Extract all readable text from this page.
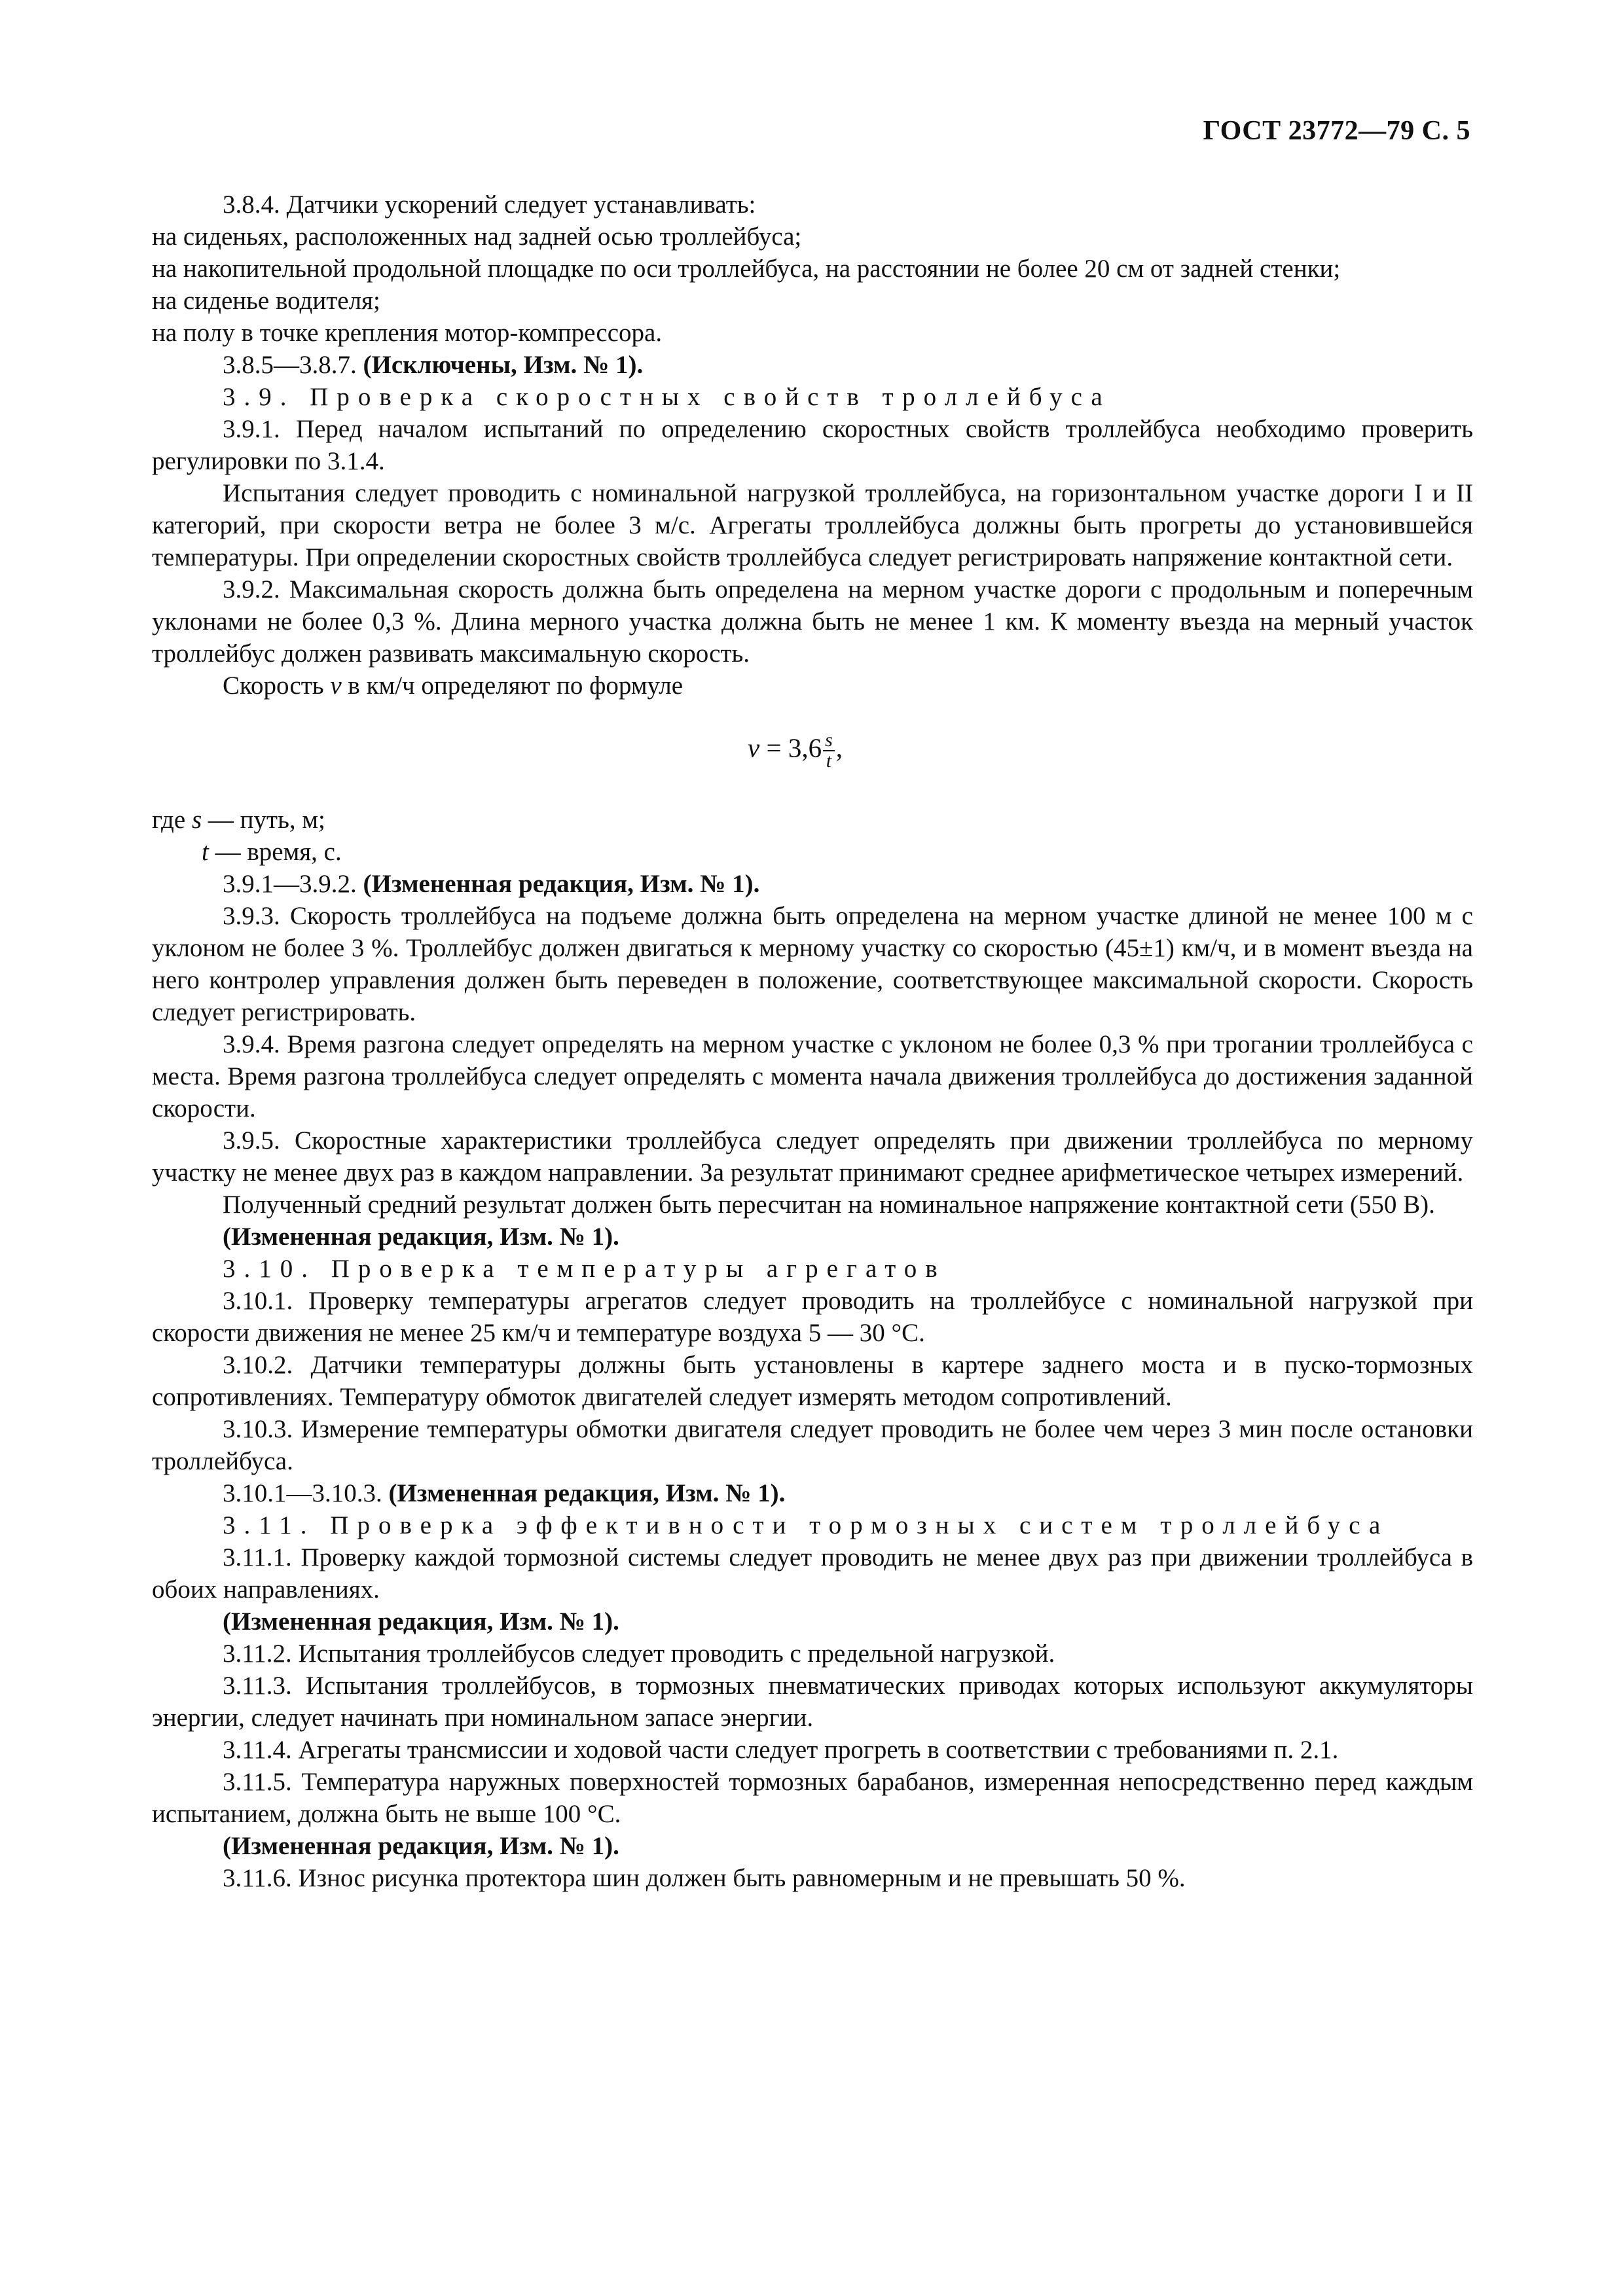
ГОСТ 23772—79 С. 5

3.8.4. Датчики ускорений следует устанавливать:

на сиденьях, расположенных над задней осью троллейбуса;

на накопительной продольной площадке по оси троллейбуса, на расстоянии не более 20 см от задней стенки;

на сиденье водителя;

на полу в точке крепления мотор-компрессора.

3.8.5—3.8.7. (Исключены, Изм. № 1).

3.9. Проверка скоростных свойств троллейбуса

3.9.1. Перед началом испытаний по определению скоростных свойств троллейбуса необходимо проверить регулировки по 3.1.4.

Испытания следует проводить с номинальной нагрузкой троллейбуса, на горизонтальном участке дороги I и II категорий, при скорости ветра не более 3 м/с. Агрегаты троллейбуса должны быть прогреты до установившейся температуры. При определении скоростных свойств троллейбуса следует регистрировать напряжение контактной сети.

3.9.2. Максимальная скорость должна быть определена на мерном участке дороги с продольным и поперечным уклонами не более 0,3 %. Длина мерного участка должна быть не менее 1 км. К моменту въезда на мерный участок троллейбус должен развивать максимальную скорость.

Скорость v в км/ч определяют по формуле

$v = 3,6 \frac{s}{t}$ ,

где s — путь, м;

t — время, с.

3.9.1—3.9.2. (Измененная редакция, Изм. № 1).

3.9.3. Скорость троллейбуса на подъеме должна быть определена на мерном участке длиной не менее 100 м с уклоном не более 3 %. Троллейбус должен двигаться к мерному участку со скоростью (45±1) км/ч, и в момент въезда на него контролер управления должен быть переведен в положение, соответствующее максимальной скорости. Скорость следует регистрировать.

3.9.4. Время разгона следует определять на мерном участке с уклоном не более 0,3 % при трогании троллейбуса с места. Время разгона троллейбуса следует определять с момента начала движения троллейбуса до достижения заданной скорости.

3.9.5. Скоростные характеристики троллейбуса следует определять при движении троллейбуса по мерному участку не менее двух раз в каждом направлении. За результат принимают среднее арифметическое четырех измерений.

Полученный средний результат должен быть пересчитан на номинальное напряжение контактной сети (550 В).

(Измененная редакция, Изм. № 1).

3.10. Проверка температуры агрегатов

3.10.1. Проверку температуры агрегатов следует проводить на троллейбусе с номинальной нагрузкой при скорости движения не менее 25 км/ч и температуре воздуха 5 — 30 °С.

3.10.2. Датчики температуры должны быть установлены в картере заднего моста и в пуско-тормозных сопротивлениях. Температуру обмоток двигателей следует измерять методом сопротивлений.

3.10.3. Измерение температуры обмотки двигателя следует проводить не более чем через 3 мин после остановки троллейбуса.

3.10.1—3.10.3. (Измененная редакция, Изм. № 1).

3.11. Проверка эффективности тормозных систем троллейбуса

3.11.1. Проверку каждой тормозной системы следует проводить не менее двух раз при движении троллейбуса в обоих направлениях.

(Измененная редакция, Изм. № 1).

3.11.2. Испытания троллейбусов следует проводить с предельной нагрузкой.

3.11.3. Испытания троллейбусов, в тормозных пневматических приводах которых используют аккумуляторы энергии, следует начинать при номинальном запасе энергии.

3.11.4. Агрегаты трансмиссии и ходовой части следует прогреть в соответствии с требованиями п. 2.1.

3.11.5. Температура наружных поверхностей тормозных барабанов, измеренная непосредственно перед каждым испытанием, должна быть не выше 100 °С.

(Измененная редакция, Изм. № 1).

3.11.6. Износ рисунка протектора шин должен быть равномерным и не превышать 50 %.
